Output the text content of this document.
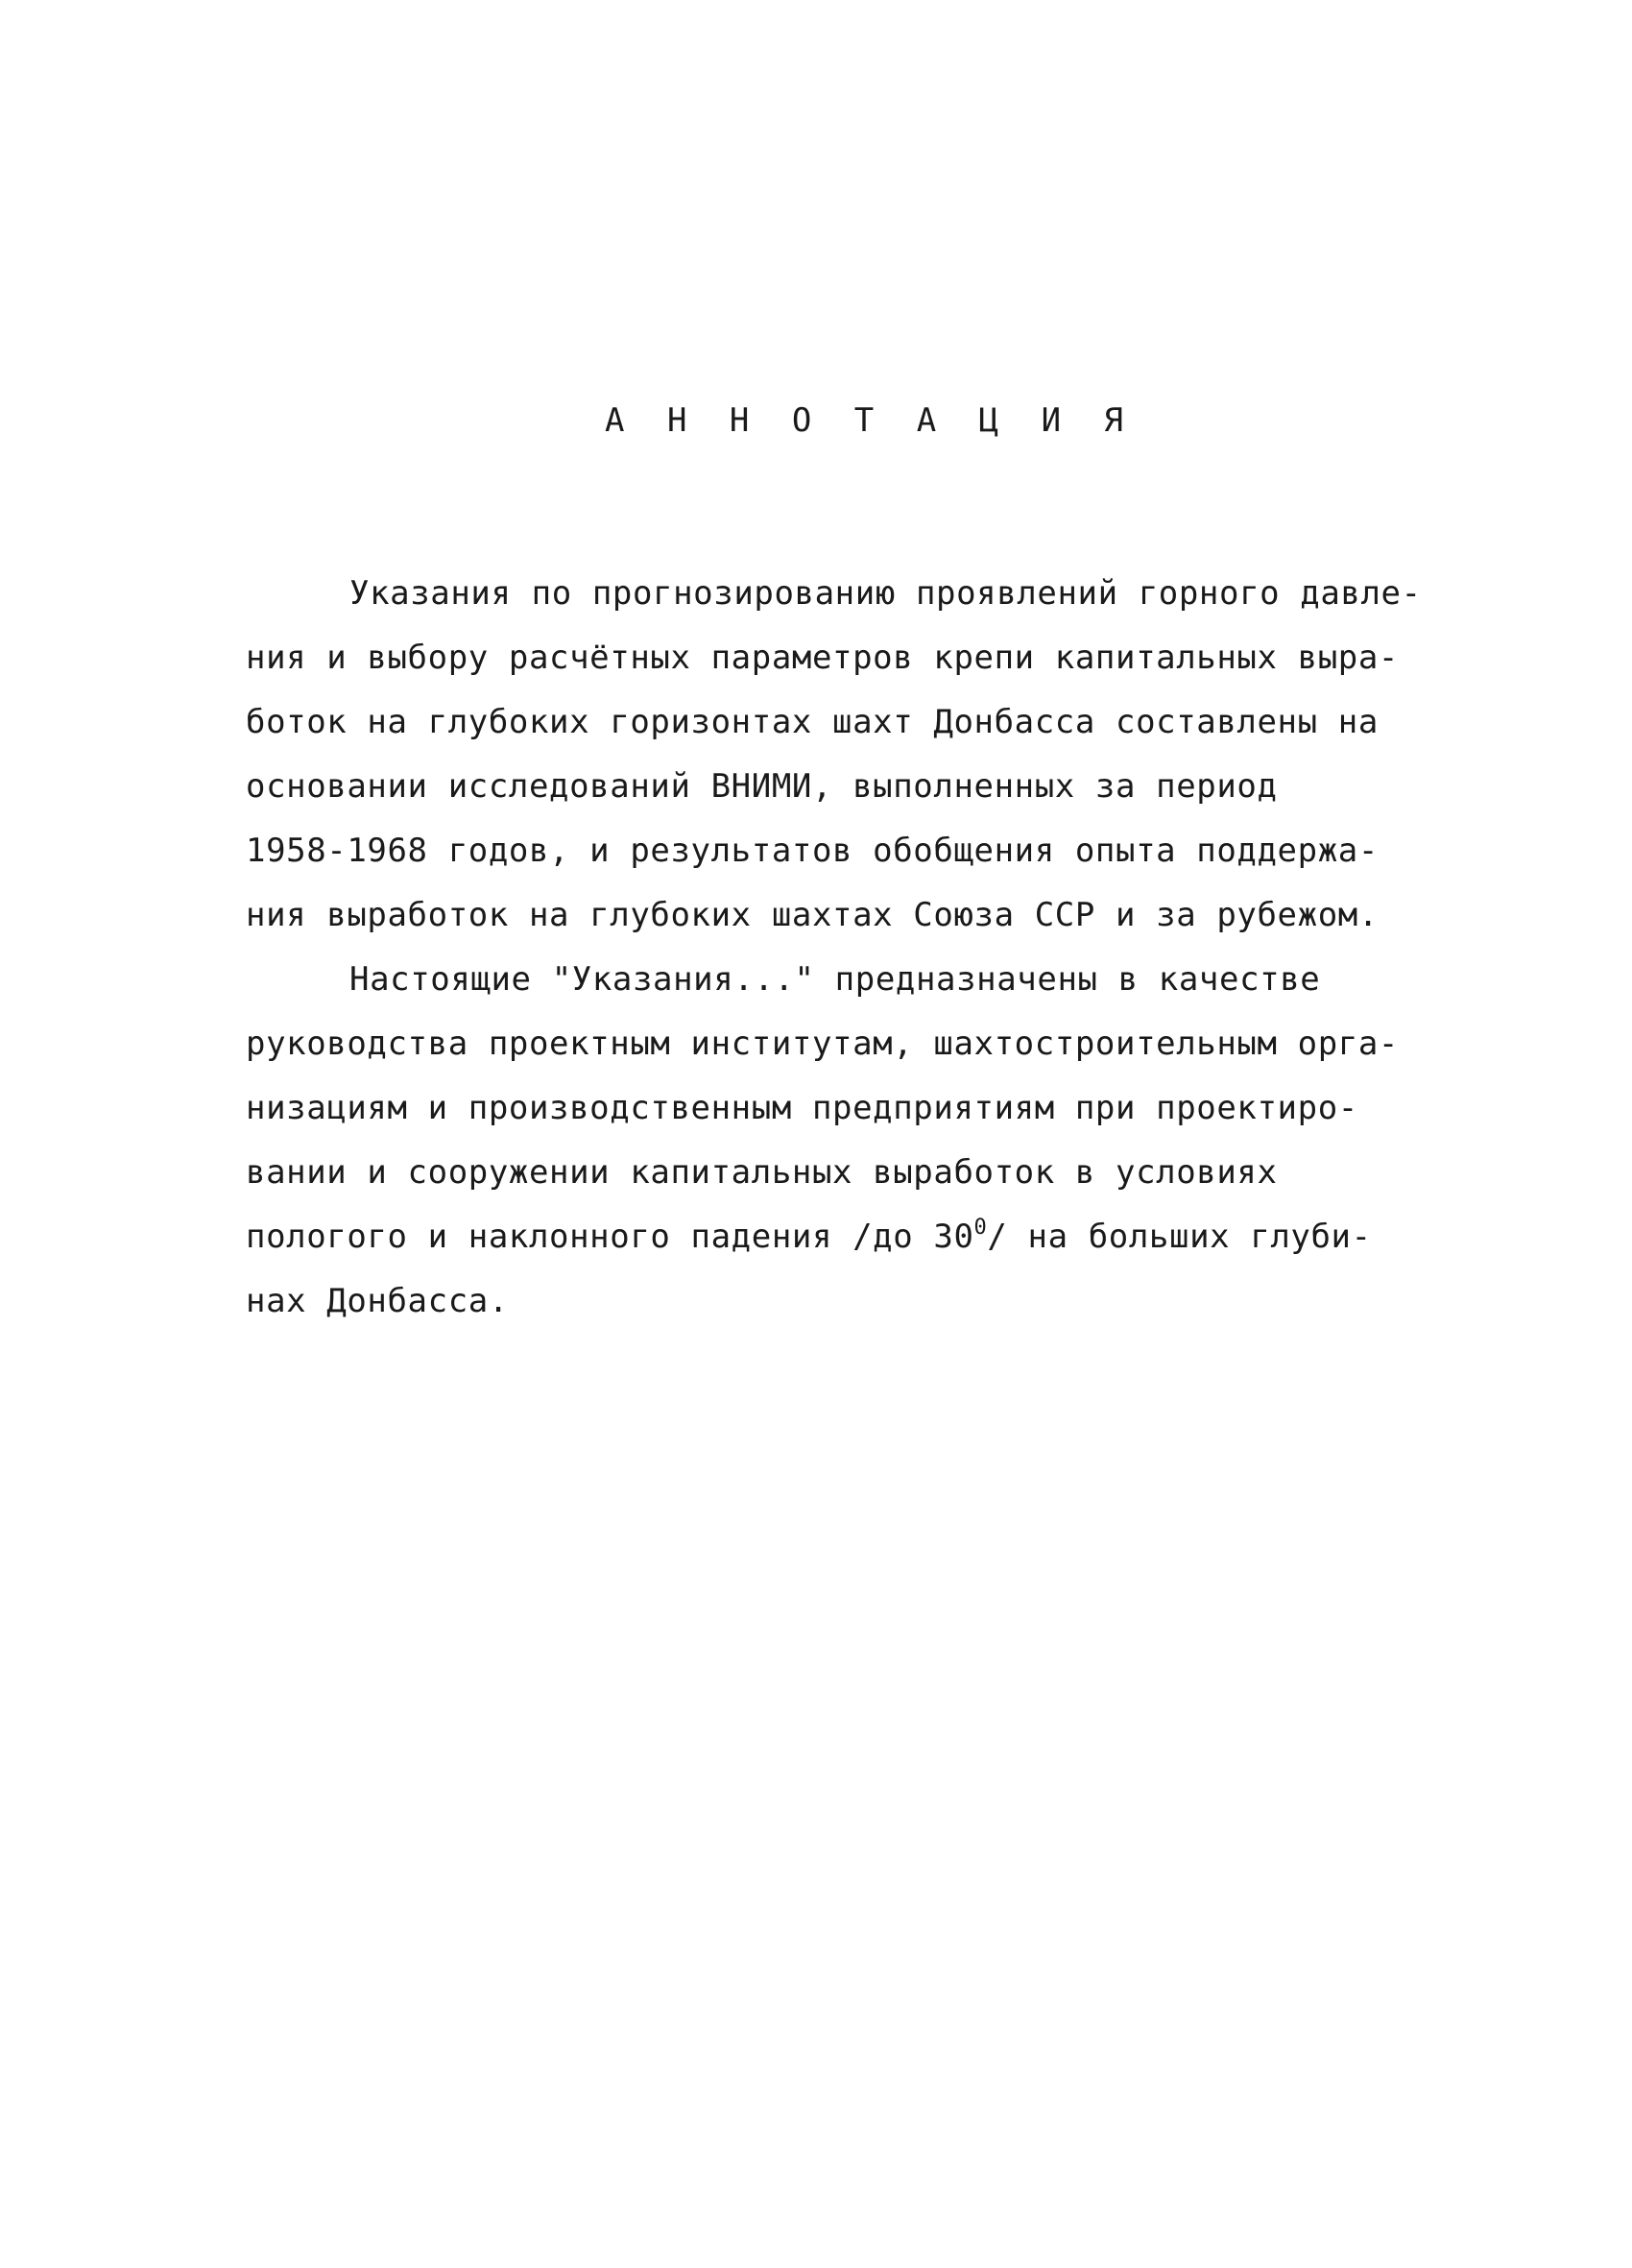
А Н Н О Т А Ц И Я
Указания по прогнозированию проявлений горного давле-
ния и выбору расчётных параметров крепи капитальных выра-
боток на глубоких горизонтах шахт Донбасса составлены на
основании исследований ВНИМИ, выполненных за период
1958-1968 годов, и результатов обобщения опыта поддержа-
ния выработок на глубоких шахтах Союза ССР и за рубежом.
Настоящие "Указания..." предназначены в качестве
руководства проектным институтам, шахтостроительным орга-
низациям и производственным предприятиям при проектиро-
вании и сооружении капитальных выработок в условиях
пологого и наклонного падения /до $30^0/$ на больших глуби-
нах Донбасса.
